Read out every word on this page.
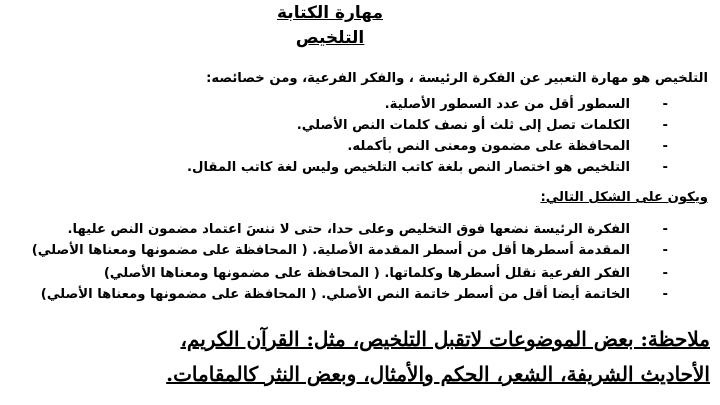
مهارة الكتابة
التلخيص
التلخيص هو مهارة التعبير عن الفكرة الرئيسة ، والفكر الفرعية، ومن خصائصه:
-
السطور أقل من عدد السطور الأصلية.
-
الكلمات تصل إلى ثلث أو نصف كلمات النص الأصلي.
-
المحافظة على مضمون ومعنى النص بأكمله.
-
التلخيص هو اختصار النص بلغة كاتب التلخيص وليس لغة كاتب المقال.
ويكون على الشكل التالي:
-
الفكرة الرئيسة نضعها فوق التخليص وعلى حدا، حتى لا ننسَ اعتماد مضمون النص عليها.
-
المقدمة أسطرها أقل من أسطر المقدمة الأصلية. ( المحافظة على مضمونها ومعناها الأصلي)
-
الفكر الفرعية نقلل أسطرها وكلماتها. ( المحافظة على مضمونها ومعناها الأصلي)
-
الخاتمة أيضا أقل من أسطر خاتمة النص الأصلي. ( المحافظة على مضمونها ومعناها الأصلي)
ملاحظة: بعض الموضوعات لاتقبل التلخيص، مثل: القرآن الكريم،
الأحاديث الشريفة، الشعر، الحكم والأمثال، وبعض النثر كالمقامات.
